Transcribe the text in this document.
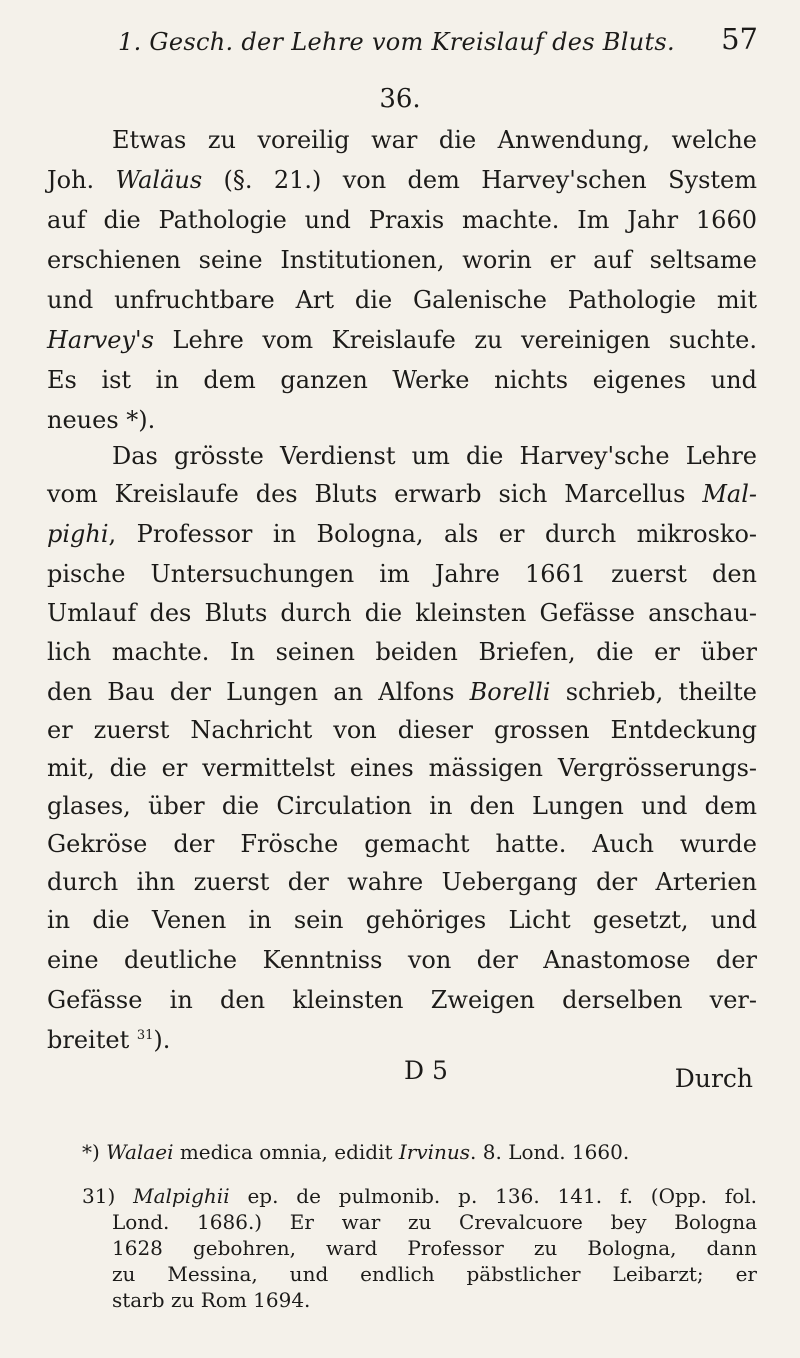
1. Gesch. der Lehre vom Kreislauf des Bluts. 57
36.
Etwas zu voreilig war die Anwendung, welche
Joh. Waläus (§. 21.) von dem Harvey'schen System
auf die Pathologie und Praxis machte. Im Jahr 1660
erschienen seine Institutionen, worin er auf seltsame
und unfruchtbare Art die Galenische Pathologie mit
Harvey's Lehre vom Kreislaufe zu vereinigen suchte.
Es ist in dem ganzen Werke nichts eigenes und
neues *).
Das grösste Verdienst um die Harvey'sche Lehre
vom Kreislaufe des Bluts erwarb sich Marcellus Mal-
pighi, Professor in Bologna, als er durch mikrosko-
pische Untersuchungen im Jahre 1661 zuerst den
Umlauf des Bluts durch die kleinsten Gefässe anschau-
lich machte. In seinen beiden Briefen, die er über
den Bau der Lungen an Alfons Borelli schrieb, theilte
er zuerst Nachricht von dieser grossen Entdeckung
mit, die er vermittelst eines mässigen Vergrösserungs-
glases, über die Circulation in den Lungen und dem
Gekröse der Frösche gemacht hatte. Auch wurde
durch ihn zuerst der wahre Uebergang der Arterien
in die Venen in sein gehöriges Licht gesetzt, und
eine deutliche Kenntniss von der Anastomose der
Gefässe in den kleinsten Zweigen derselben ver-
breitet $^{31}$).
D 5	Durch
*) Walaei medica omnia, edidit Irvinus. 8. Lond. 1660.
31) Malpighii ep. de pulmonib. p. 136. 141. f. (Opp. fol.
Lond. 1686.) Er war zu Crevalcuore bey Bologna
1628 gebohren, ward Professor zu Bologna, dann
zu Messina, und endlich päbstlicher Leibarzt; er
starb zu Rom 1694.
